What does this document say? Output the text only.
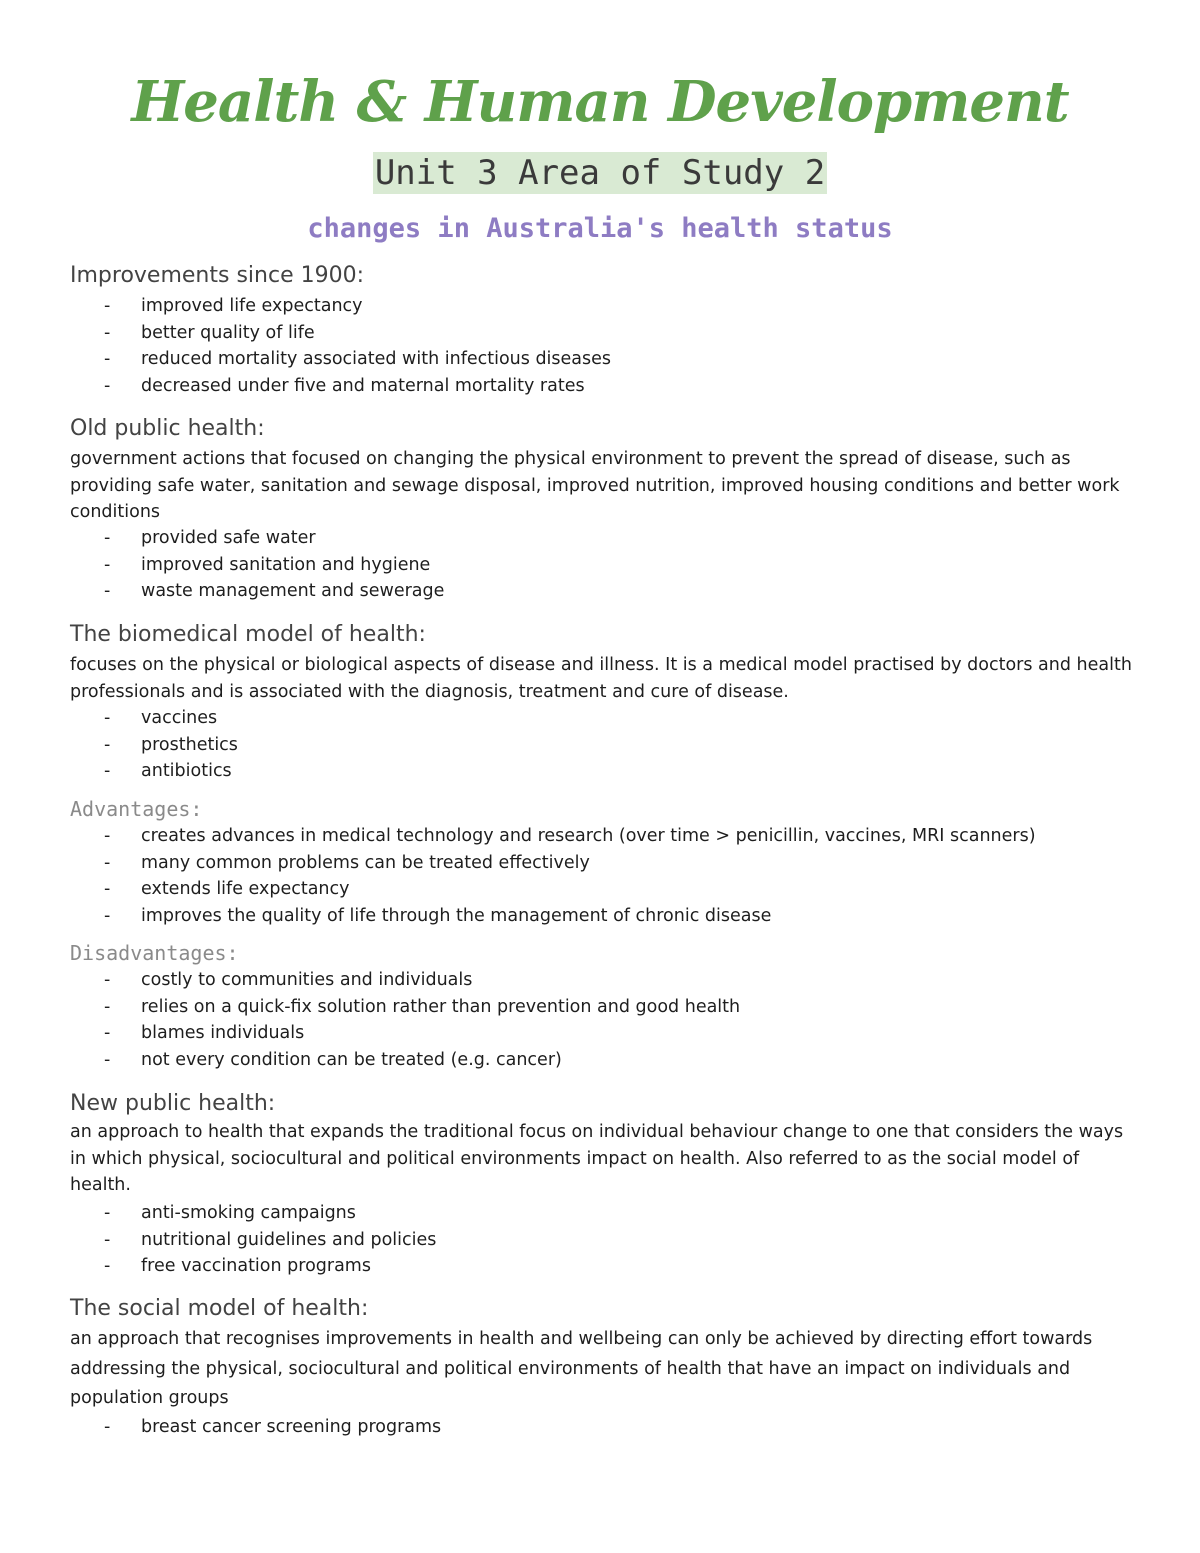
Health & Human Development
Unit 3 Area of Study 2
changes in Australia's health status
Improvements since 1900:
- improved life expectancy
- better quality of life
- reduced mortality associated with infectious diseases
- decreased under five and maternal mortality rates
Old public health:
government actions that focused on changing the physical environment to prevent the spread of disease, such as providing safe water, sanitation and sewage disposal, improved nutrition, improved housing conditions and better work conditions
- provided safe water
- improved sanitation and hygiene
- waste management and sewerage
The biomedical model of health:
focuses on the physical or biological aspects of disease and illness. It is a medical model practised by doctors and health professionals and is associated with the diagnosis, treatment and cure of disease.
- vaccines
- prosthetics
- antibiotics
Advantages:
- creates advances in medical technology and research (over time > penicillin, vaccines, MRI scanners)
- many common problems can be treated effectively
- extends life expectancy
- improves the quality of life through the management of chronic disease
Disadvantages:
- costly to communities and individuals
- relies on a quick-fix solution rather than prevention and good health
- blames individuals
- not every condition can be treated (e.g. cancer)
New public health:
an approach to health that expands the traditional focus on individual behaviour change to one that considers the ways in which physical, sociocultural and political environments impact on health. Also referred to as the social model of health.
- anti-smoking campaigns
- nutritional guidelines and policies
- free vaccination programs
The social model of health:
an approach that recognises improvements in health and wellbeing can only be achieved by directing effort towards addressing the physical, sociocultural and political environments of health that have an impact on individuals and population groups
- breast cancer screening programs
